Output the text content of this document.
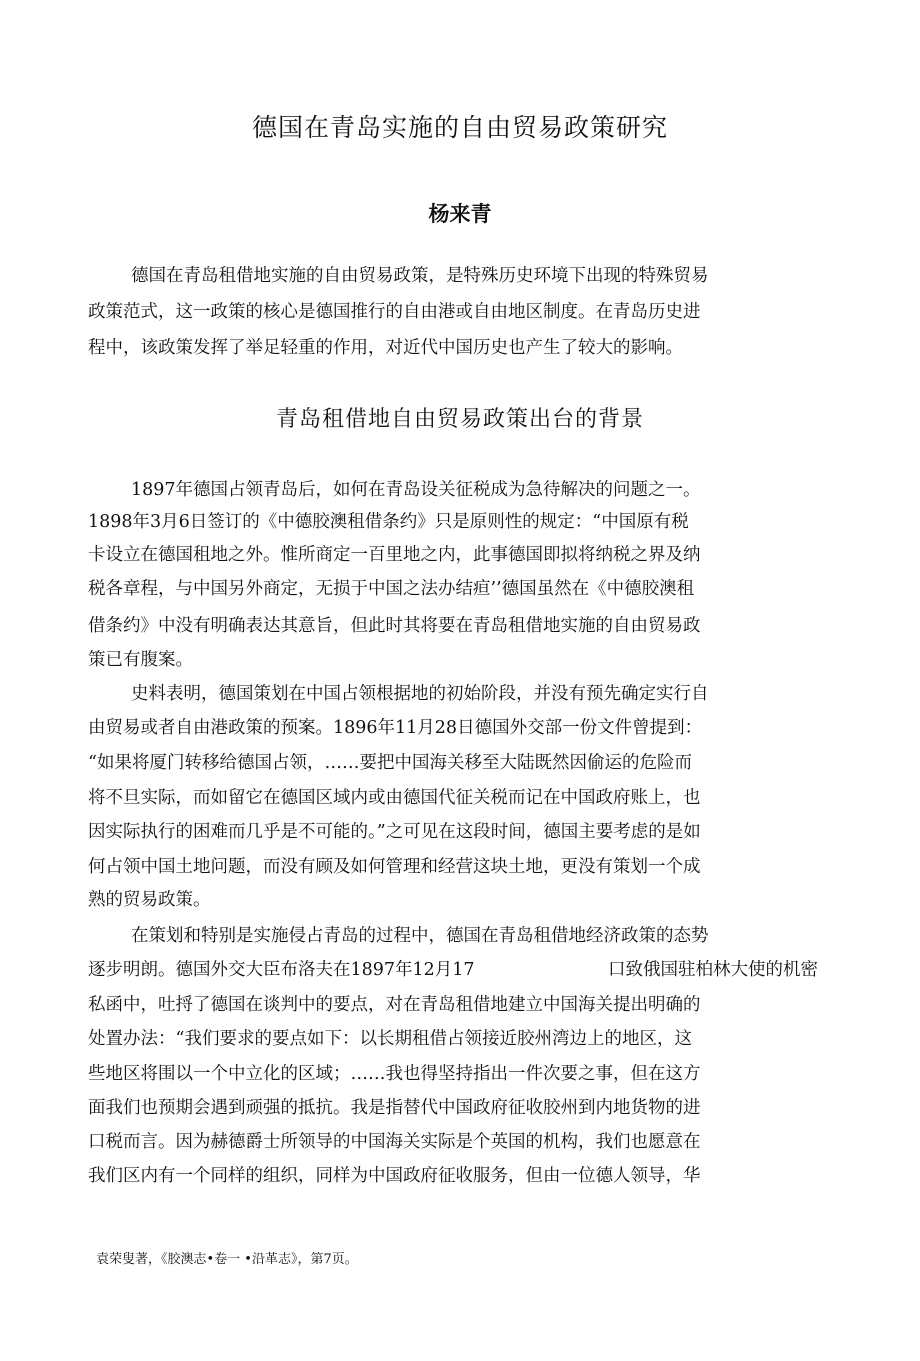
德国在青岛实施的自由贸易政策研究
杨来青
德国在青岛租借地实施的自由贸易政策，是特殊历史环境下出现的特殊贸易
政策范式，这一政策的核心是德国推行的自由港或自由地区制度。在青岛历史进
程中，该政策发挥了举足轻重的作用，对近代中国历史也产生了较大的影响。
青岛租借地自由贸易政策出台的背景
1897年德国占领青岛后，如何在青岛设关征税成为急待解决的问题之一。
1898年3月6日签订的《中德胶澳租借条约》只是原则性的规定：“中国原有税
卡设立在德国租地之外。惟所商定一百里地之内，此事德国即拟将纳税之界及纳
税各章程，与中国另外商定，无损于中国之法办结疸’’德国虽然在《中德胶澳租
借条约》中没有明确表达其意旨，但此时其将要在青岛租借地实施的自由贸易政
策已有腹案。
史料表明，德国策划在中国占领根据地的初始阶段，并没有预先确定实行自
由贸易或者自由港政策的预案。1896年11月28日德国外交部一份文件曾提到：
“如果将厦门转移给德国占领，……要把中国海关移至大陆既然因偷运的危险而
将不旦实际，而如留它在德国区域内或由德国代征关税而记在中国政府账上，也
因实际执行的困难而几乎是不可能的。”之可见在这段时间，德国主要考虑的是如
何占领中国土地问题，而没有顾及如何管理和经营这块土地，更没有策划一个成
熟的贸易政策。
在策划和特别是实施侵占青岛的过程中，德国在青岛租借地经济政策的态势
逐步明朗。德国外交大臣布洛夫在1897年12月17	口致俄国驻柏林大使的机密
私函中，吐捋了德国在谈判中的要点，对在青岛租借地建立中国海关提出明确的
处置办法：“我们要求的要点如下：以长期租借占领接近胶州湾边上的地区，这
些地区将围以一个中立化的区域；……我也得坚持指出一件次要之事，但在这方
面我们也预期会遇到顽强的抵抗。我是指替代中国政府征收胶州到内地货物的进
口税而言。因为赫德爵士所领导的中国海关实际是个英国的机构，我们也愿意在
我们区内有一个同样的组织，同样为中国政府征收服务，但由一位德人领导，华
袁荣叟著，《胶澳志•卷一 •沿革志》，第7页。
